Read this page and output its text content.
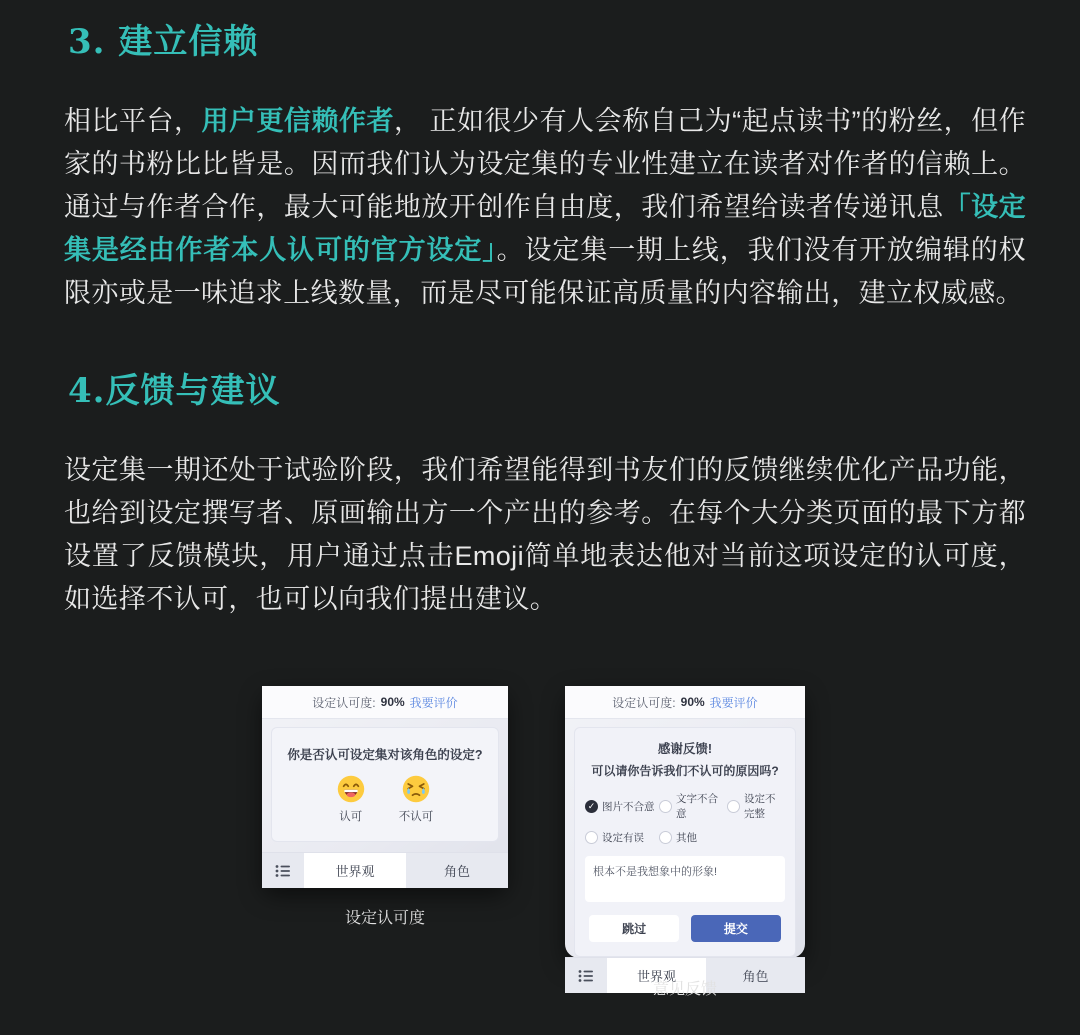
3. 建立信赖

相比平台，用户更信赖作者， 正如很少有人会称自己为“起点读书”的粉丝，但作家的书粉比比皆是。因而我们认为设定集的专业性建立在读者对作者的信赖上。通过与作者合作，最大可能地放开创作自由度，我们希望给读者传递讯息「设定集是经由作者本人认可的官方设定」。设定集一期上线，我们没有开放编辑的权限亦或是一味追求上线数量，而是尽可能保证高质量的内容输出，建立权威感。

4.反馈与建议

设定集一期还处于试验阶段，我们希望能得到书友们的反馈继续优化产品功能，也给到设定撰写者、原画输出方一个产出的参考。在每个大分类页面的最下方都设置了反馈模块，用户通过点击Emoji简单地表达他对当前这项设定的认可度，如选择不认可，也可以向我们提出建议。

设定认可度: 90% 我要评价
你是否认可设定集对该角色的设定?
认可	不认可
世界观	角色
设定认可度
设定认可度: 90% 我要评价
感谢反馈!
可以请你告诉我们不认可的原因吗?
✓ 图片不合意
文字不合意
设定不完整
设定有误	其他
根本不是我想象中的形象!
跳过	提交
世界观	角色
意见反馈
